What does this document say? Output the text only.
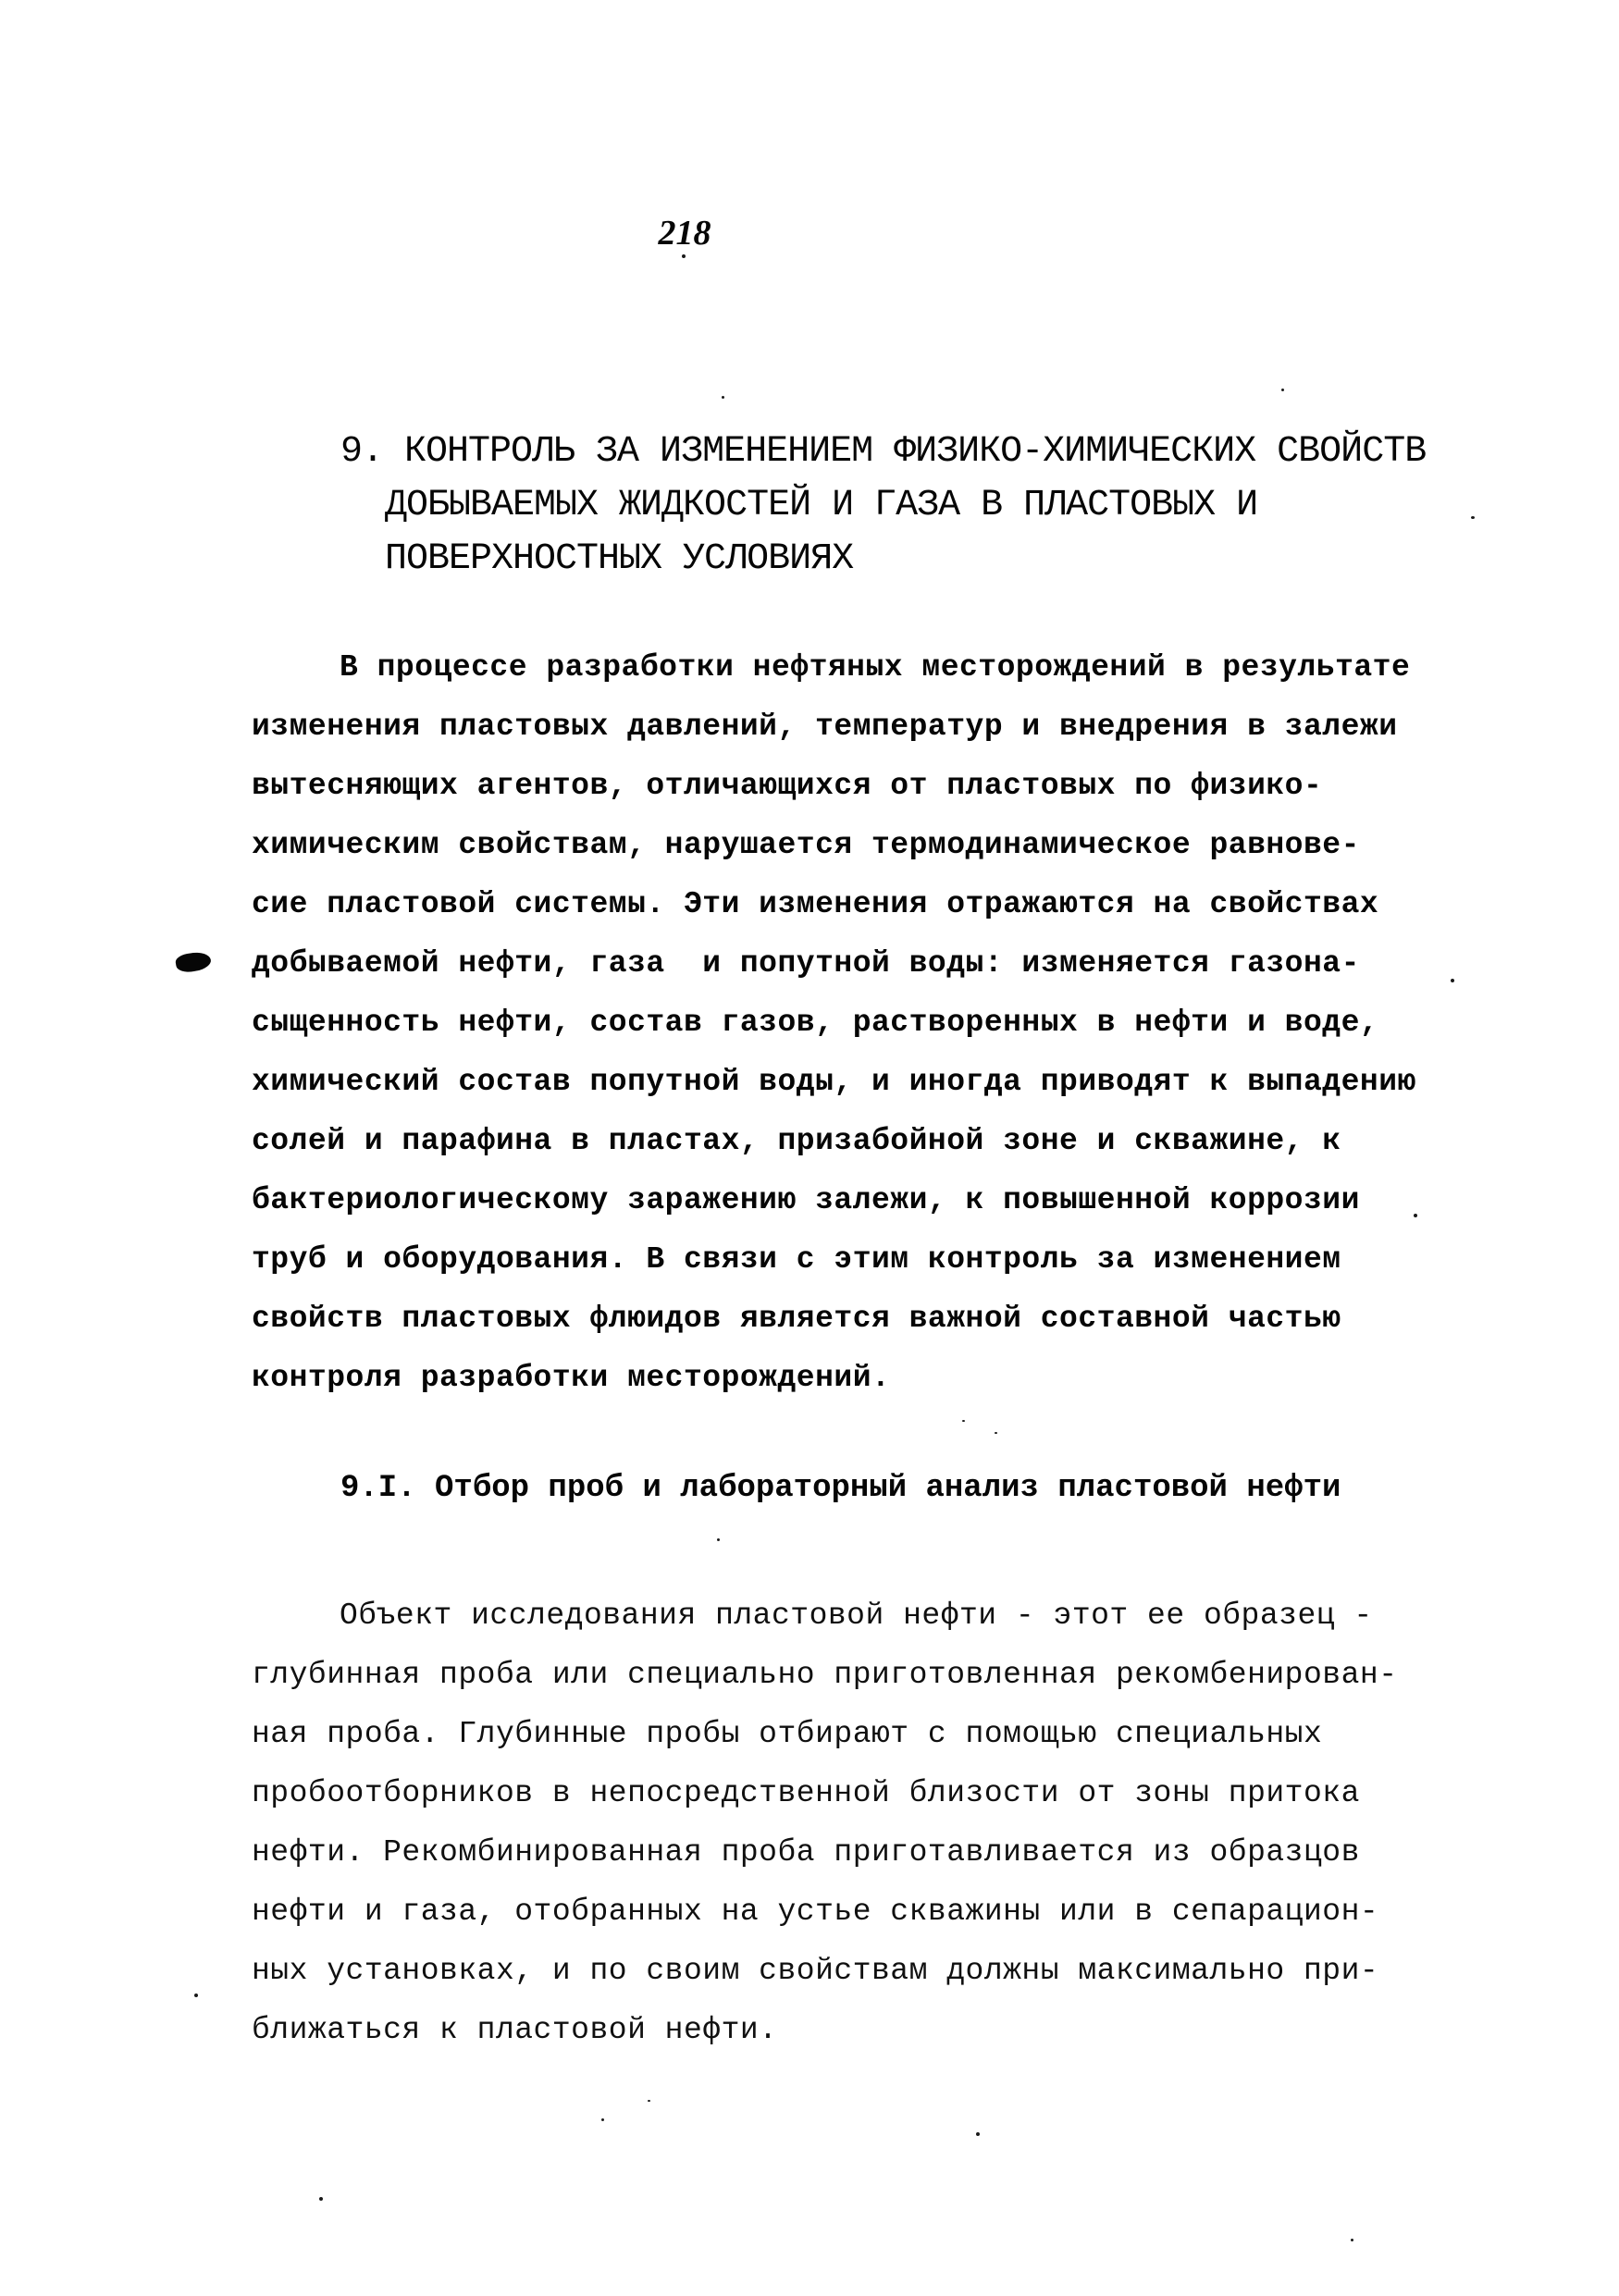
218
9. КОНТРОЛЬ ЗА ИЗМЕНЕНИЕМ ФИЗИКО-ХИМИЧЕСКИХ СВОЙСТВ
ДОБЫВАЕМЫХ ЖИДКОСТЕЙ И ГАЗА В ПЛАСТОВЫХ И
ПОВЕРХНОСТНЫХ УСЛОВИЯХ
В процессе разработки нефтяных месторождений в результате
изменения пластовых давлений, температур и внедрения в залежи
вытесняющих агентов, отличающихся от пластовых по физико-
химическим свойствам, нарушается термодинамическое равнове-
сие пластовой системы. Эти изменения отражаются на свойствах
добываемой нефти, газа  и попутной воды: изменяется газона-
сыщенность нефти, состав газов, растворенных в нефти и воде,
химический состав попутной воды, и иногда приводят к выпадению
солей и парафина в пластах, призабойной зоне и скважине, к
бактериологическому заражению залежи, к повышенной коррозии
труб и оборудования. В связи с этим контроль за изменением
свойств пластовых флюидов является важной составной частью
контроля разработки месторождений.
9.I. Отбор проб и лабораторный анализ пластовой нефти
Объект исследования пластовой нефти - этот ее образец -
глубинная проба или специально приготовленная рекомбенирован-
ная проба. Глубинные пробы отбирают с помощью специальных
пробоотборников в непосредственной близости от зоны притока
нефти. Рекомбинированная проба приготавливается из образцов
нефти и газа, отобранных на устье скважины или в сепарацион-
ных установках, и по своим свойствам должны максимально при-
ближаться к пластовой нефти.
